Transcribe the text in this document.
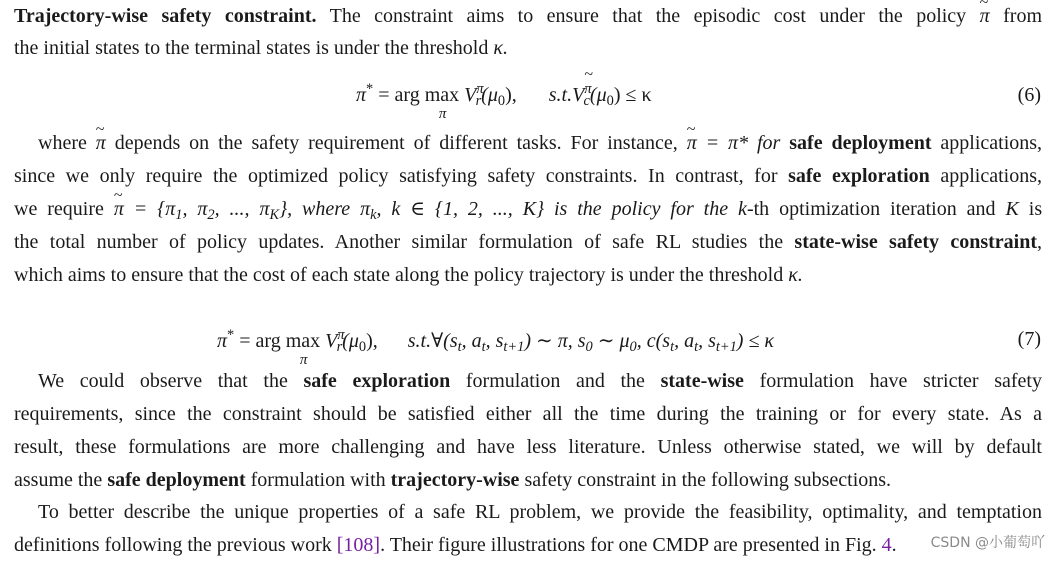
Trajectory-wise safety constraint. The constraint aims to ensure that the episodic cost under the policy ~ π from
the initial states to the terminal states is under the threshold κ.
π* = arg max
π
$V^\pi_r(\mu_0)$, $s.t.V^\pi_c(\mu_0) \le \kappa$	(6)
where ~ π depends on the safety requirement of different tasks. For instance, ~ π = π* for safe deployment applications,
since we only require the optimized policy satisfying safety constraints. In contrast, for safe exploration applications,
we require ~ $\pi = \{\pi_1$, $\pi_2$, ..., $\pi_K$}, where $\pi_k$, k ∈ {1, 2, ..., K} is the policy for the k-th optimization iteration and K is
the total number of policy updates. Another similar formulation of safe RL studies the state-wise safety constraint,
which aims to ensure that the cost of each state along the policy trajectory is under the threshold κ.
π* = arg max
π
$V^\pi_r(\mu_0)$, $s.t.\forall(s_t$, $a_t$, $s_{t+1}$) ∼ π, $s_0$ ∼ $\mu_0$, $c(s_t$, $a_t$, $s_{t+1}) \le \kappa$	(7)
We could observe that the safe exploration formulation and the state-wise formulation have stricter safety
requirements, since the constraint should be satisfied either all the time during the training or for every state. As a
result, these formulations are more challenging and have less literature. Unless otherwise stated, we will by default
assume the safe deployment formulation with trajectory-wise safety constraint in the following subsections.
To better describe the unique properties of a safe RL problem, we provide the feasibility, optimality, and temptation
definitions following the previous work [108]. Their figure illustrations for one CMDP are presented in Fig. 4.	CSDN @小葡萄吖
